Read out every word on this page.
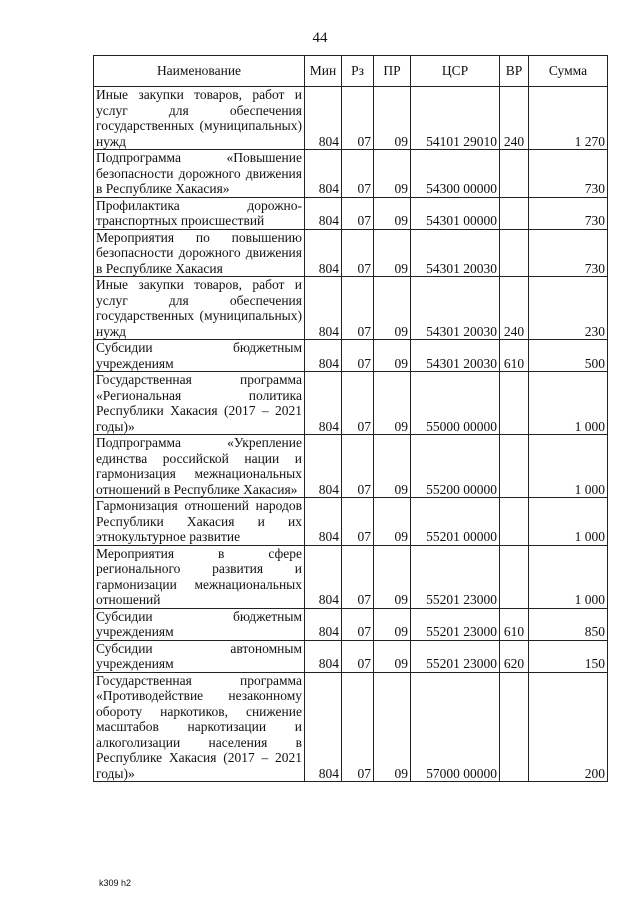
44
Наименование	Мин	Рз	ПР	ЦСР	ВР	Сумма
Иные закупки товаров, работ и услуг для обеспечения государственных (муниципальных) нужд	804	07	09	54101 29010	240	1 270
Подпрограмма «Повышение безопасности дорожного движения в Республике Хакасия»	804	07	09	54300 00000		730
Профилактика дорожно-транспортных происшествий	804	07	09	54301 00000		730
Мероприятия по повышению безопасности дорожного движения в Республике Хакасия	804	07	09	54301 20030		730
Иные закупки товаров, работ и услуг для обеспечения государственных (муниципальных) нужд	804	07	09	54301 20030	240	230
Субсидии бюджетным учреждениям	804	07	09	54301 20030	610	500
Государственная программа «Региональная политика Республики Хакасия (2017 – 2021 годы)»	804	07	09	55000 00000		1 000
Подпрограмма «Укрепление единства российской нации и гармонизация межнациональных отношений в Республике Хакасия»	804	07	09	55200 00000		1 000
Гармонизация отношений народов Республики Хакасия и их этнокультурное развитие	804	07	09	55201 00000		1 000
Мероприятия в сфере регионального развития и гармонизации межнациональных отношений	804	07	09	55201 23000		1 000
Субсидии бюджетным учреждениям	804	07	09	55201 23000	610	850
Субсидии автономным учреждениям	804	07	09	55201 23000	620	150
Государственная программа «Противодействие незаконному обороту наркотиков, снижение масштабов наркотизации и алкоголизации населения в Республике Хакасия (2017 – 2021 годы)»	804	07	09	57000 00000		200
k309 h2
